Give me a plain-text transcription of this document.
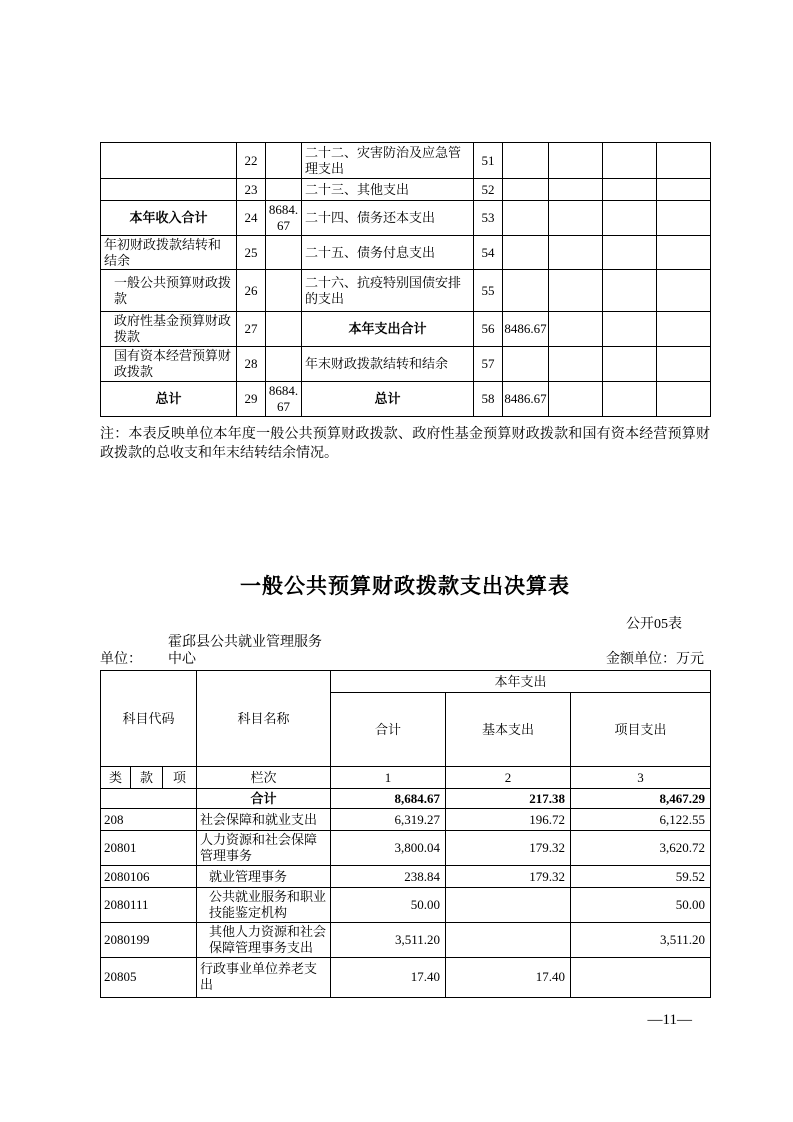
	22		二十二、灾害防治及应急管理支出	51				
	23		二十三、其他支出	52				
本年收入合计	24	8684.67	二十四、债务还本支出	53				
年初财政拨款结转和结余	25		二十五、债务付息支出	54				
一般公共预算财政拨款	26		二十六、抗疫特别国债安排的支出	55				
政府性基金预算财政拨款	27		本年支出合计	56	8486.67			
国有资本经营预算财政拨款	28		年末财政拨款结转和结余	57				
总计	29	8684.67	总计	58	8486.67			

注：本表反映单位本年度一般公共预算财政拨款、政府性基金预算财政拨款和国有资本经营预算财政拨款的总收支和年末结转结余情况。

一般公共预算财政拨款支出决算表
公开05表
单位：
霍邱县公共就业管理服务中心	金额单位：万元
科目代码			科目名称	本年支出		
				合计	基本支出	项目支出
类	款	项	栏次	1	2	3
			合计	8,684.67	217.38	8,467.29
208			社会保障和就业支出	6,319.27	196.72	6,122.55
20801			人力资源和社会保障管理事务	3,800.04	179.32	3,620.72
2080106			就业管理事务	238.84	179.32	59.52
2080111			公共就业服务和职业技能鉴定机构	50.00		50.00
2080199			其他人力资源和社会保障管理事务支出	3,511.20		3,511.20
20805			行政事业单位养老支出	17.40	17.40	
—11—
